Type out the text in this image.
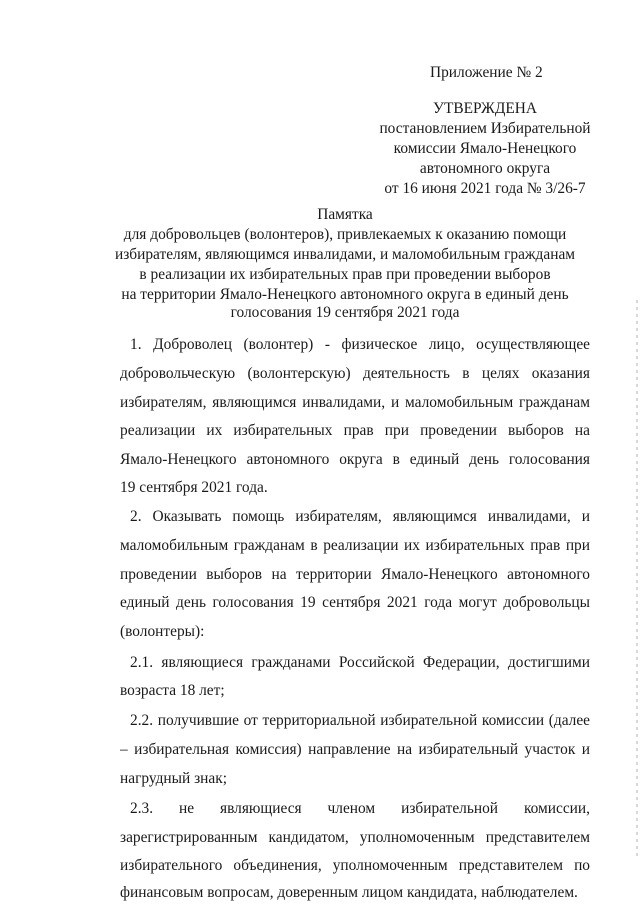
Приложение № 2
УТВЕРЖДЕНА
постановлением Избирательной
комиссии Ямало-Ненецкого
автономного округа
от 16 июня 2021 года № 3/26-7
Памятка
для добровольцев (волонтеров), привлекаемых к оказанию помощи
избирателям, являющимся инвалидами, и маломобильным гражданам
в реализации их избирательных прав при проведении выборов
на территории Ямало-Ненецкого автономного округа в единый день
голосования 19 сентября 2021 года
1. Доброволец (волонтер) - физическое лицо, осуществляющее
добровольческую (волонтерскую) деятельность в целях оказания
избирателям, являющимся инвалидами, и маломобильным гражданам
реализации их избирательных прав при проведении выборов на
Ямало-Ненецкого автономного округа в единый день голосования
19 сентября 2021 года.
2. Оказывать помощь избирателям, являющимся инвалидами, и
маломобильным гражданам в реализации их избирательных прав при
проведении выборов на территории Ямало-Ненецкого автономного
единый день голосования 19 сентября 2021 года могут добровольцы
(волонтеры):
2.1. являющиеся гражданами Российской Федерации, достигшими
возраста 18 лет;
2.2. получившие от территориальной избирательной комиссии (далее
– избирательная комиссия) направление на избирательный участок и
нагрудный знак;
2.3. не являющиеся членом избирательной комиссии,
зарегистрированным кандидатом, уполномоченным представителем
избирательного объединения, уполномоченным представителем по
финансовым вопросам, доверенным лицом кандидата, наблюдателем.
